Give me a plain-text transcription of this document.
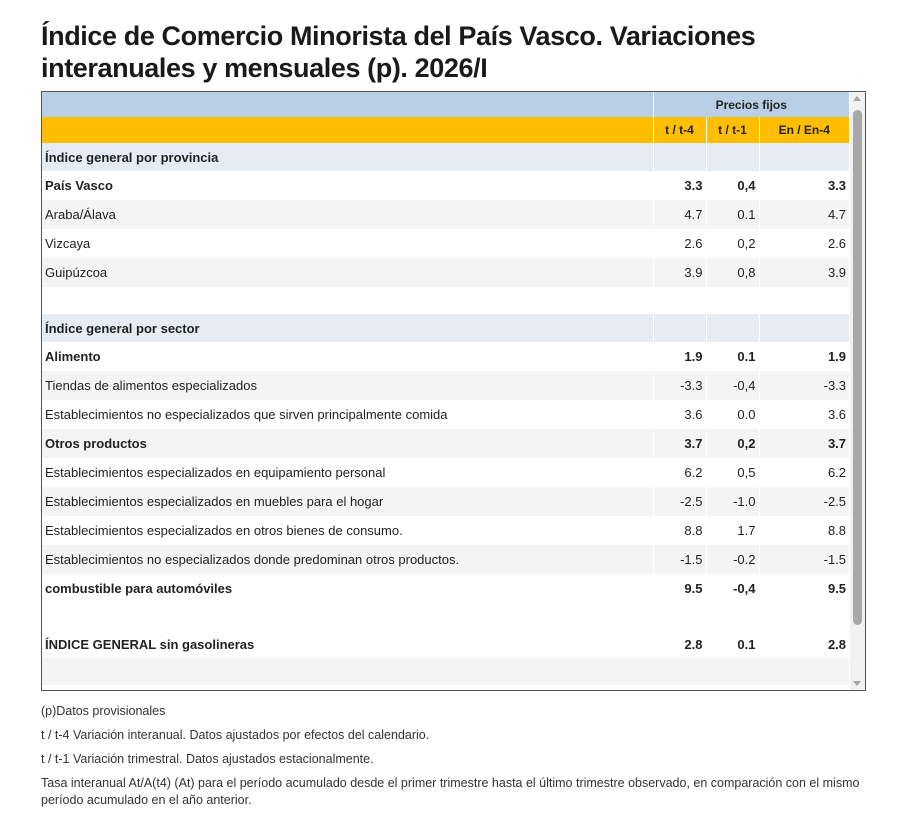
Índice de Comercio Minorista del País Vasco. Variaciones interanuales y mensuales (p). 2026/I
	Precios fijos		
	t / t-4	t / t-1	En / En-4
Índice general por provincia			
País Vasco	3.3	0,4	3.3
Araba/Álava	4.7	0.1	4.7
Vizcaya	2.6	0,2	2.6
Guipúzcoa	3.9	0,8	3.9

Índice general por sector			
Alimento	1.9	0.1	1.9
Tiendas de alimentos especializados	-3.3	-0,4	-3.3
Establecimientos no especializados que sirven principalmente comida	3.6	0.0	3.6
Otros productos	3.7	0,2	3.7
Establecimientos especializados en equipamiento personal	6.2	0,5	6.2
Establecimientos especializados en muebles para el hogar	-2.5	-1.0	-2.5
Establecimientos especializados en otros bienes de consumo.	8.8	1.7	8.8
Establecimientos no especializados donde predominan otros productos.	-1.5	-0.2	-1.5
combustible para automóviles	9.5	-0,4	9.5

ÍNDICE GENERAL sin gasolineras	2.8	0.1	2.8

(p)Datos provisionales

t / t-4 Variación interanual. Datos ajustados por efectos del calendario.

t / t-1 Variación trimestral. Datos ajustados estacionalmente.

Tasa interanual At/A(t4) (At) para el período acumulado desde el primer trimestre hasta el último trimestre observado, en comparación con el mismo período acumulado en el año anterior.
